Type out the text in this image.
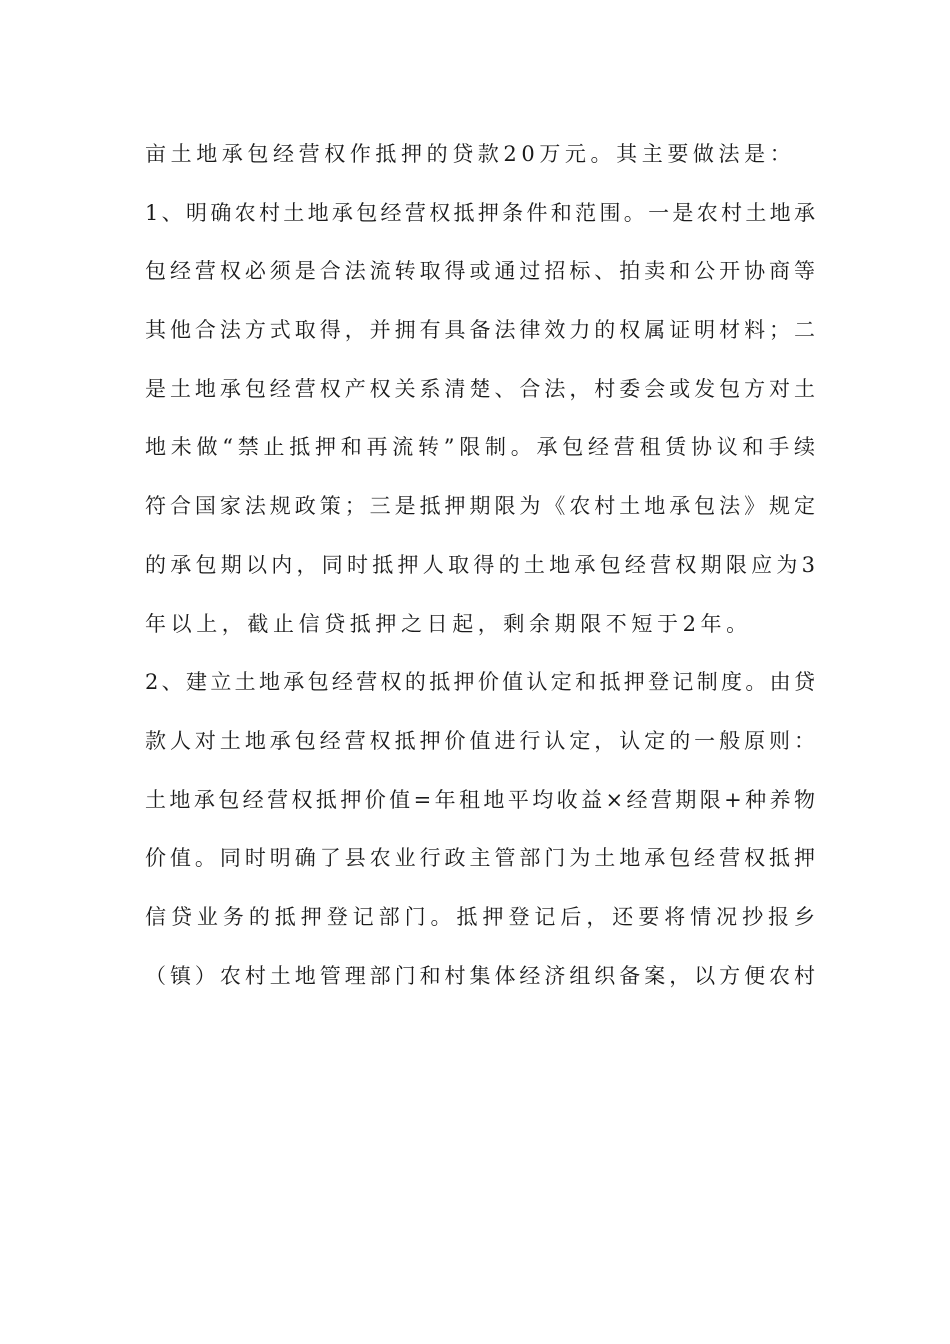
亩土地承包经营权作抵押的贷款20万元。其主要做法是：
1、明确农村土地承包经营权抵押条件和范围。一是农村土地承
包经营权必须是合法流转取得或通过招标、拍卖和公开协商等
其他合法方式取得，并拥有具备法律效力的权属证明材料；二
是土地承包经营权产权关系清楚、合法，村委会或发包方对土
地未做“禁止抵押和再流转”限制。承包经营租赁协议和手续
符合国家法规政策；三是抵押期限为《农村土地承包法》规定
的承包期以内，同时抵押人取得的土地承包经营权期限应为3
年以上，截止信贷抵押之日起，剩余期限不短于2年。
2、建立土地承包经营权的抵押价值认定和抵押登记制度。由贷
款人对土地承包经营权抵押价值进行认定，认定的一般原则：
土地承包经营权抵押价值=年租地平均收益×经营期限+种养物
价值。同时明确了县农业行政主管部门为土地承包经营权抵押
信贷业务的抵押登记部门。抵押登记后，还要将情况抄报乡
（镇）农村土地管理部门和村集体经济组织备案，以方便农村
